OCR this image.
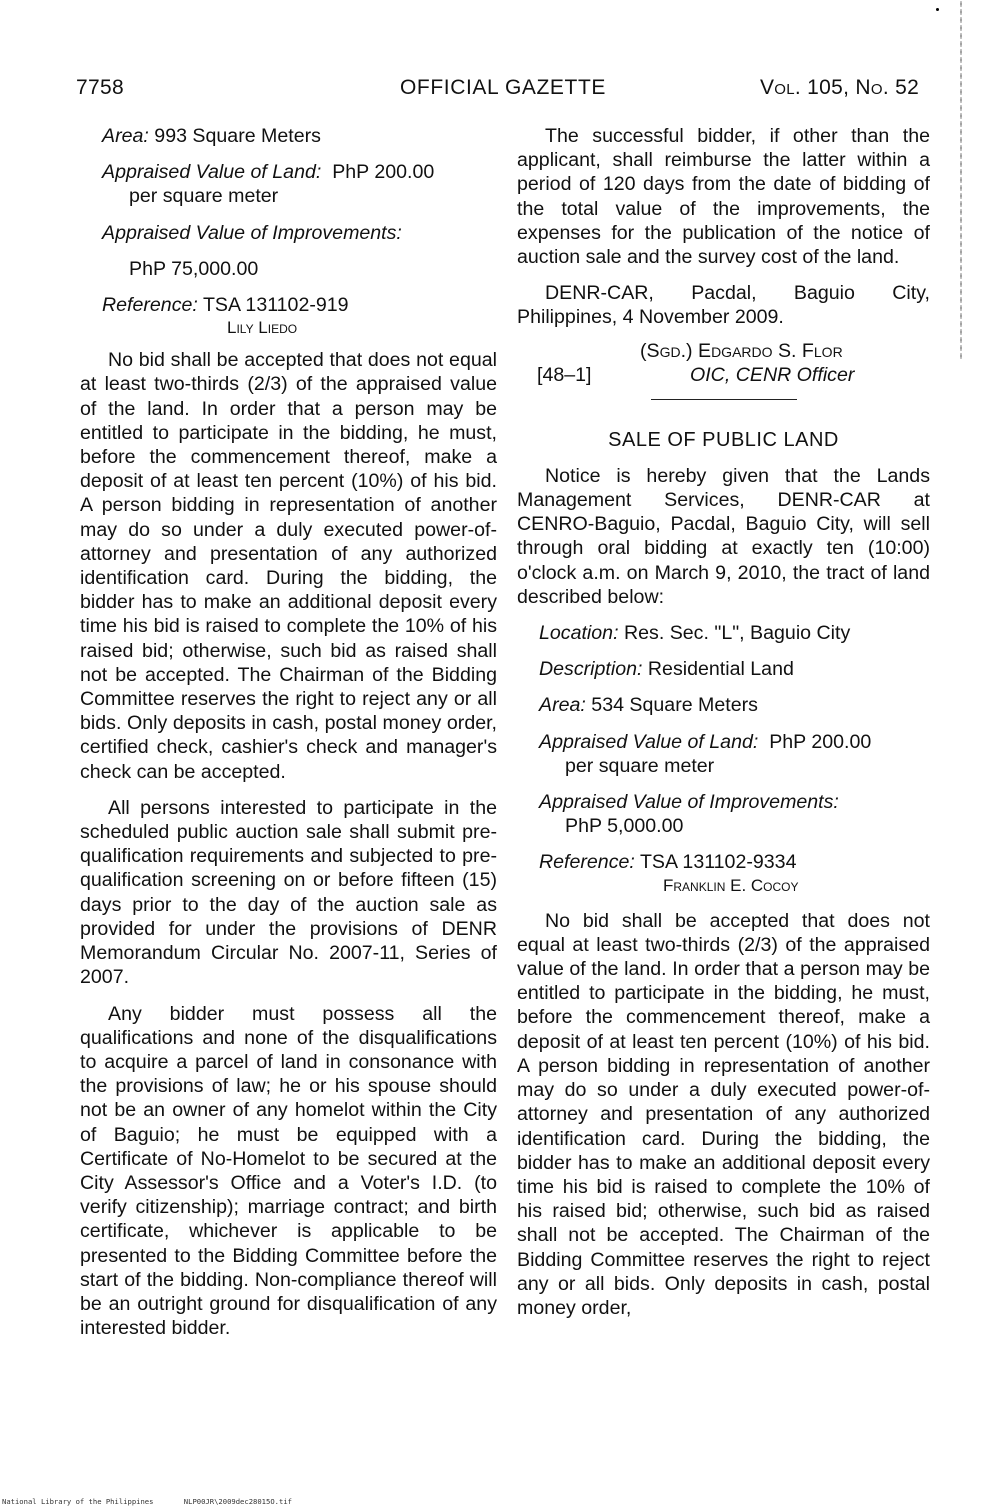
7758	OFFICIAL GAZETTE	Vol. 105, No. 52
Area: 993 Square Meters
Appraised Value of Land: PhP 200.00
per square meter
Appraised Value of Improvements:
PhP 75,000.00
Reference: TSA 131102-919
Lily Liedo

No bid shall be accepted that does not equal at least two-thirds (2/3) of the appraised value of the land. In order that a person may be entitled to participate in the bidding, he must, before the commencement thereof, make a deposit of at least ten percent (10%) of his bid. A person bidding in representation of another may do so under a duly executed power-of-attorney and presentation of any authorized identification card. During the bidding, the bidder has to make an additional deposit every time his bid is raised to complete the 10% of his raised bid; otherwise, such bid as raised shall not be accepted. The Chairman of the Bidding Committee reserves the right to reject any or all bids. Only deposits in cash, postal money order, certified check, cashier's check and manager's check can be accepted.

All persons interested to participate in the scheduled public auction sale shall submit pre-qualification requirements and subjected to pre-qualification screening on or before fifteen (15) days prior to the day of the auction sale as provided for under the provisions of DENR Memorandum Circular No. 2007-11, Series of 2007.

Any bidder must possess all the qualifications and none of the disqualifications to acquire a parcel of land in consonance with the provisions of law; he or his spouse should not be an owner of any homelot within the City of Baguio; he must be equipped with a Certificate of No-Homelot to be secured at the City Assessor's Office and a Voter's I.D. (to verify citizenship); marriage contract; and birth certificate, whichever is applicable to be presented to the Bidding Committee before the start of the bidding. Non-compliance thereof will be an outright ground for disqualification of any interested bidder.

The successful bidder, if other than the applicant, shall reimburse the latter within a period of 120 days from the date of bidding of the total value of the improvements, the expenses for the publication of the notice of auction sale and the survey cost of the land.

DENR-CAR, Pacdal, Baguio City, Philippines, 4 November 2009.

(Sgd.) Edgardo S. Flor
[48–1]	OIC, CENR Officer
SALE OF PUBLIC LAND

Notice is hereby given that the Lands Management Services, DENR-CAR at CENRO-Baguio, Pacdal, Baguio City, will sell through oral bidding at exactly ten (10:00) o'clock a.m. on March 9, 2010, the tract of land described below:

Location: Res. Sec. "L", Baguio City
Description: Residential Land
Area: 534 Square Meters
Appraised Value of Land: PhP 200.00
per square meter
Appraised Value of Improvements:
PhP 5,000.00
Reference: TSA 131102-9334
Franklin E. Cocoy

No bid shall be accepted that does not equal at least two-thirds (2/3) of the appraised value of the land. In order that a person may be entitled to participate in the bidding, he must, before the commencement thereof, make a deposit of at least ten percent (10%) of his bid. A person bidding in representation of another may do so under a duly executed power-of-attorney and presentation of any authorized identification card. During the bidding, the bidder has to make an additional deposit every time his bid is raised to complete the 10% of his raised bid; otherwise, such bid as raised shall not be accepted. The Chairman of the Bidding Committee reserves the right to reject any or all bids. Only deposits in cash, postal money order,

National Library of the Philippines	NLP00JR\2009dec28015O.tif
